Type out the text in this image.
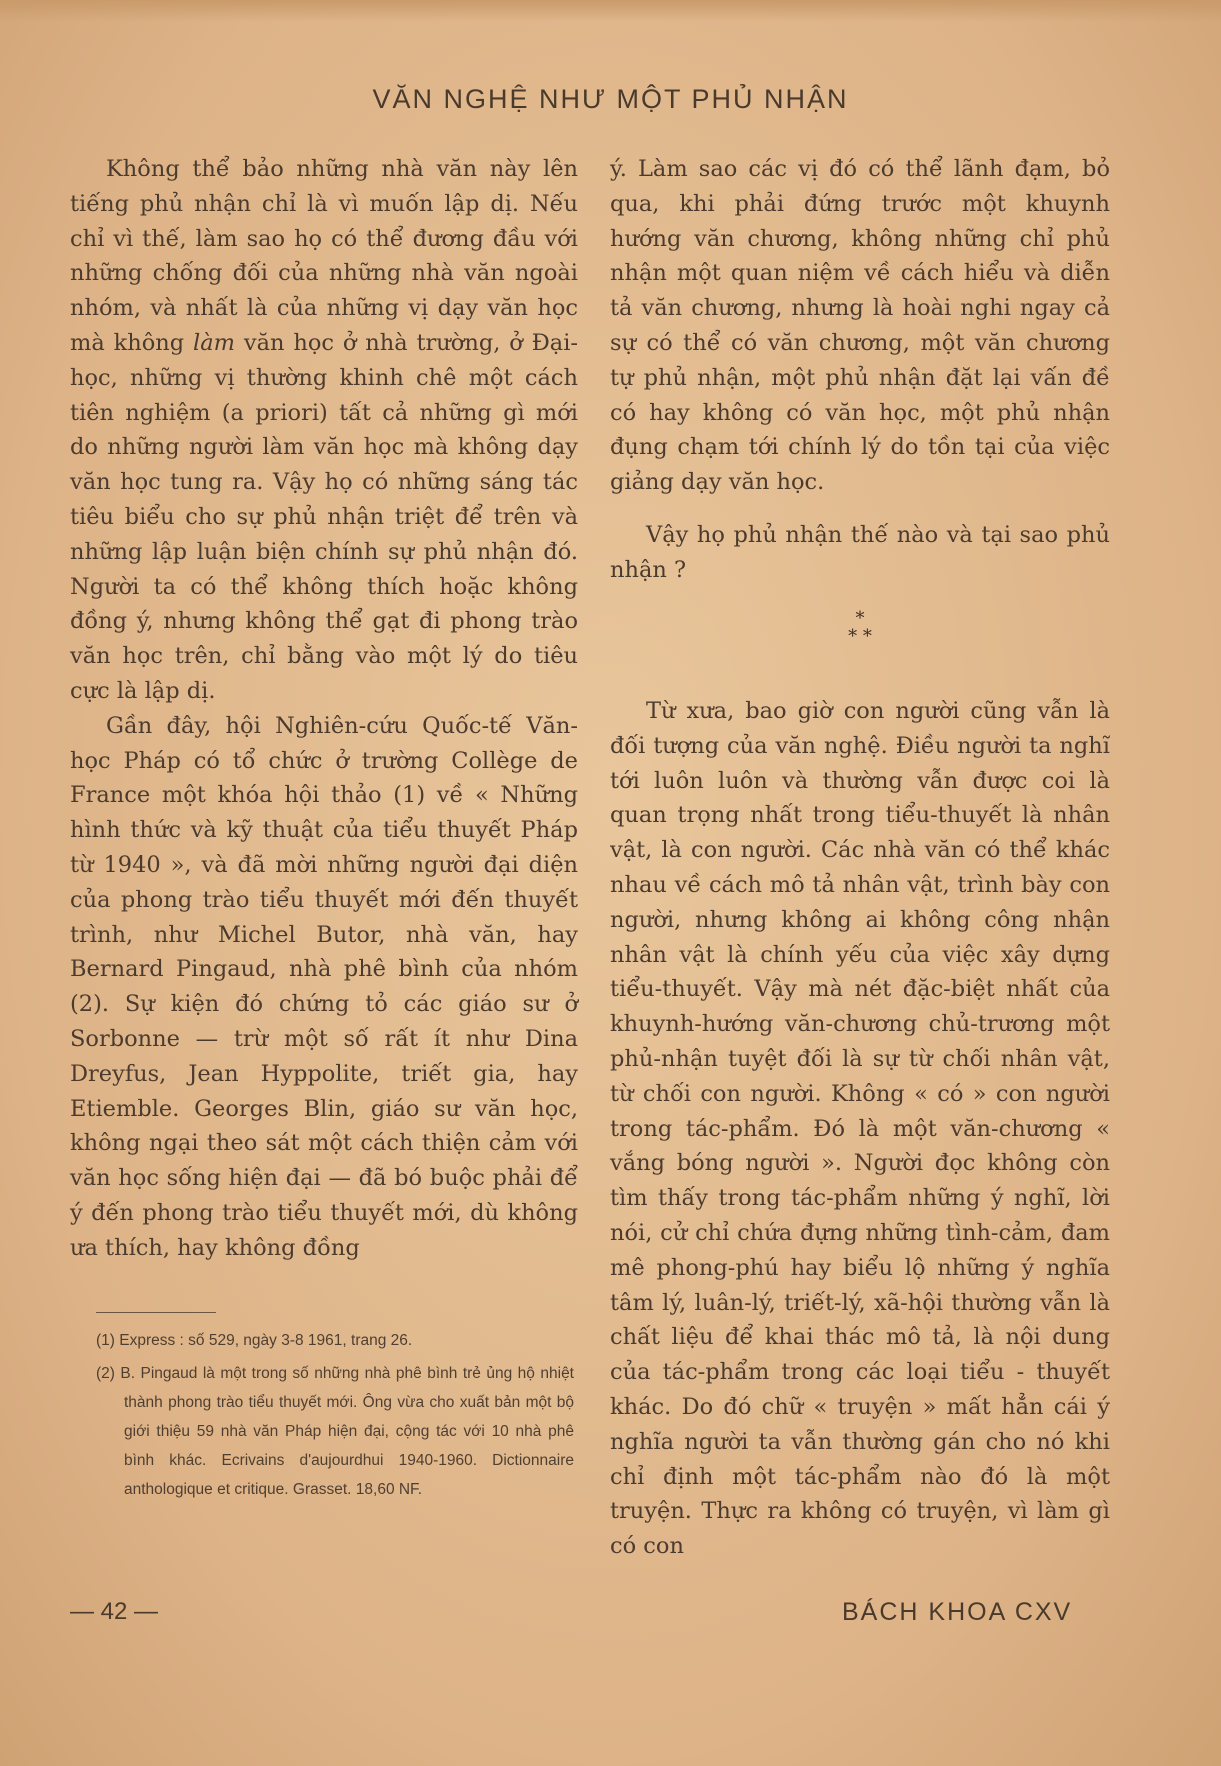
VĂN NGHỆ NHƯ MỘT PHỦ NHẬN

Không thể bảo những nhà văn này lên tiếng phủ nhận chỉ là vì muốn lập dị. Nếu chỉ vì thế, làm sao họ có thể đương đầu với những chống đối của những nhà văn ngoài nhóm, và nhất là của những vị dạy văn học mà không làm văn học ở nhà trường, ở Đại-học, những vị thường khinh chê một cách tiên nghiệm (a priori) tất cả những gì mới do những người làm văn học mà không dạy văn học tung ra. Vậy họ có những sáng tác tiêu biểu cho sự phủ nhận triệt để trên và những lập luận biện chính sự phủ nhận đó. Người ta có thể không thích hoặc không đồng ý, nhưng không thể gạt đi phong trào văn học trên, chỉ bằng vào một lý do tiêu cực là lập dị.

Gần đây, hội Nghiên-cứu Quốc-tế Văn-học Pháp có tổ chức ở trường Collège de France một khóa hội thảo (1) về « Những hình thức và kỹ thuật của tiểu thuyết Pháp từ 1940 », và đã mời những người đại diện của phong trào tiểu thuyết mới đến thuyết trình, như Michel Butor, nhà văn, hay Bernard Pingaud, nhà phê bình của nhóm (2). Sự kiện đó chứng tỏ các giáo sư ở Sorbonne — trừ một số rất ít như Dina Dreyfus, Jean Hyppolite, triết gia, hay Etiemble. Georges Blin, giáo sư văn học, không ngại theo sát một cách thiện cảm với văn học sống hiện đại — đã bó buộc phải để ý đến phong trào tiểu thuyết mới, dù không ưa thích, hay không đồng

ý. Làm sao các vị đó có thể lãnh đạm, bỏ qua, khi phải đứng trước một khuynh hướng văn chương, không những chỉ phủ nhận một quan niệm về cách hiểu và diễn tả văn chương, nhưng là hoài nghi ngay cả sự có thể có văn chương, một văn chương tự phủ nhận, một phủ nhận đặt lại vấn đề có hay không có văn học, một phủ nhận đụng chạm tới chính lý do tồn tại của việc giảng dạy văn học.

Vậy họ phủ nhận thế nào và tại sao phủ nhận ?

*
* *

Từ xưa, bao giờ con người cũng vẫn là đối tượng của văn nghệ. Điều người ta nghĩ tới luôn luôn và thường vẫn được coi là quan trọng nhất trong tiểu-thuyết là nhân vật, là con người. Các nhà văn có thể khác nhau về cách mô tả nhân vật, trình bày con người, nhưng không ai không công nhận nhân vật là chính yếu của việc xây dựng tiểu-thuyết. Vậy mà nét đặc-biệt nhất của khuynh-hướng văn-chương chủ-trương một phủ-nhận tuyệt đối là sự từ chối nhân vật, từ chối con người. Không « có » con người trong tác-phẩm. Đó là một văn-chương « vắng bóng người ». Người đọc không còn tìm thấy trong tác-phẩm những ý nghĩ, lời nói, cử chỉ chứa đựng những tình-cảm, đam mê phong-phú hay biểu lộ những ý nghĩa tâm lý, luân-lý, triết-lý, xã-hội thường vẫn là chất liệu để khai thác mô tả, là nội dung của tác-phẩm trong các loại tiểu - thuyết khác. Do đó chữ « truyện » mất hẳn cái ý nghĩa người ta vẫn thường gán cho nó khi chỉ định một tác-phẩm nào đó là một truyện. Thực ra không có truyện, vì làm gì có con

(1) Express : số 529, ngày 3-8 1961, trang 26.

(2) B. Pingaud là một trong số những nhà phê bình trẻ ủng hộ nhiệt thành phong trào tiểu thuyết mới. Ông vừa cho xuất bản một bộ giới thiệu 59 nhà văn Pháp hiện đại, cộng tác với 10 nhà phê bình khác. Ecrivains d'aujourdhui 1940-1960. Dictionnaire anthologique et critique. Grasset. 18,60 NF.

— 42 —	BÁCH KHOA CXV
